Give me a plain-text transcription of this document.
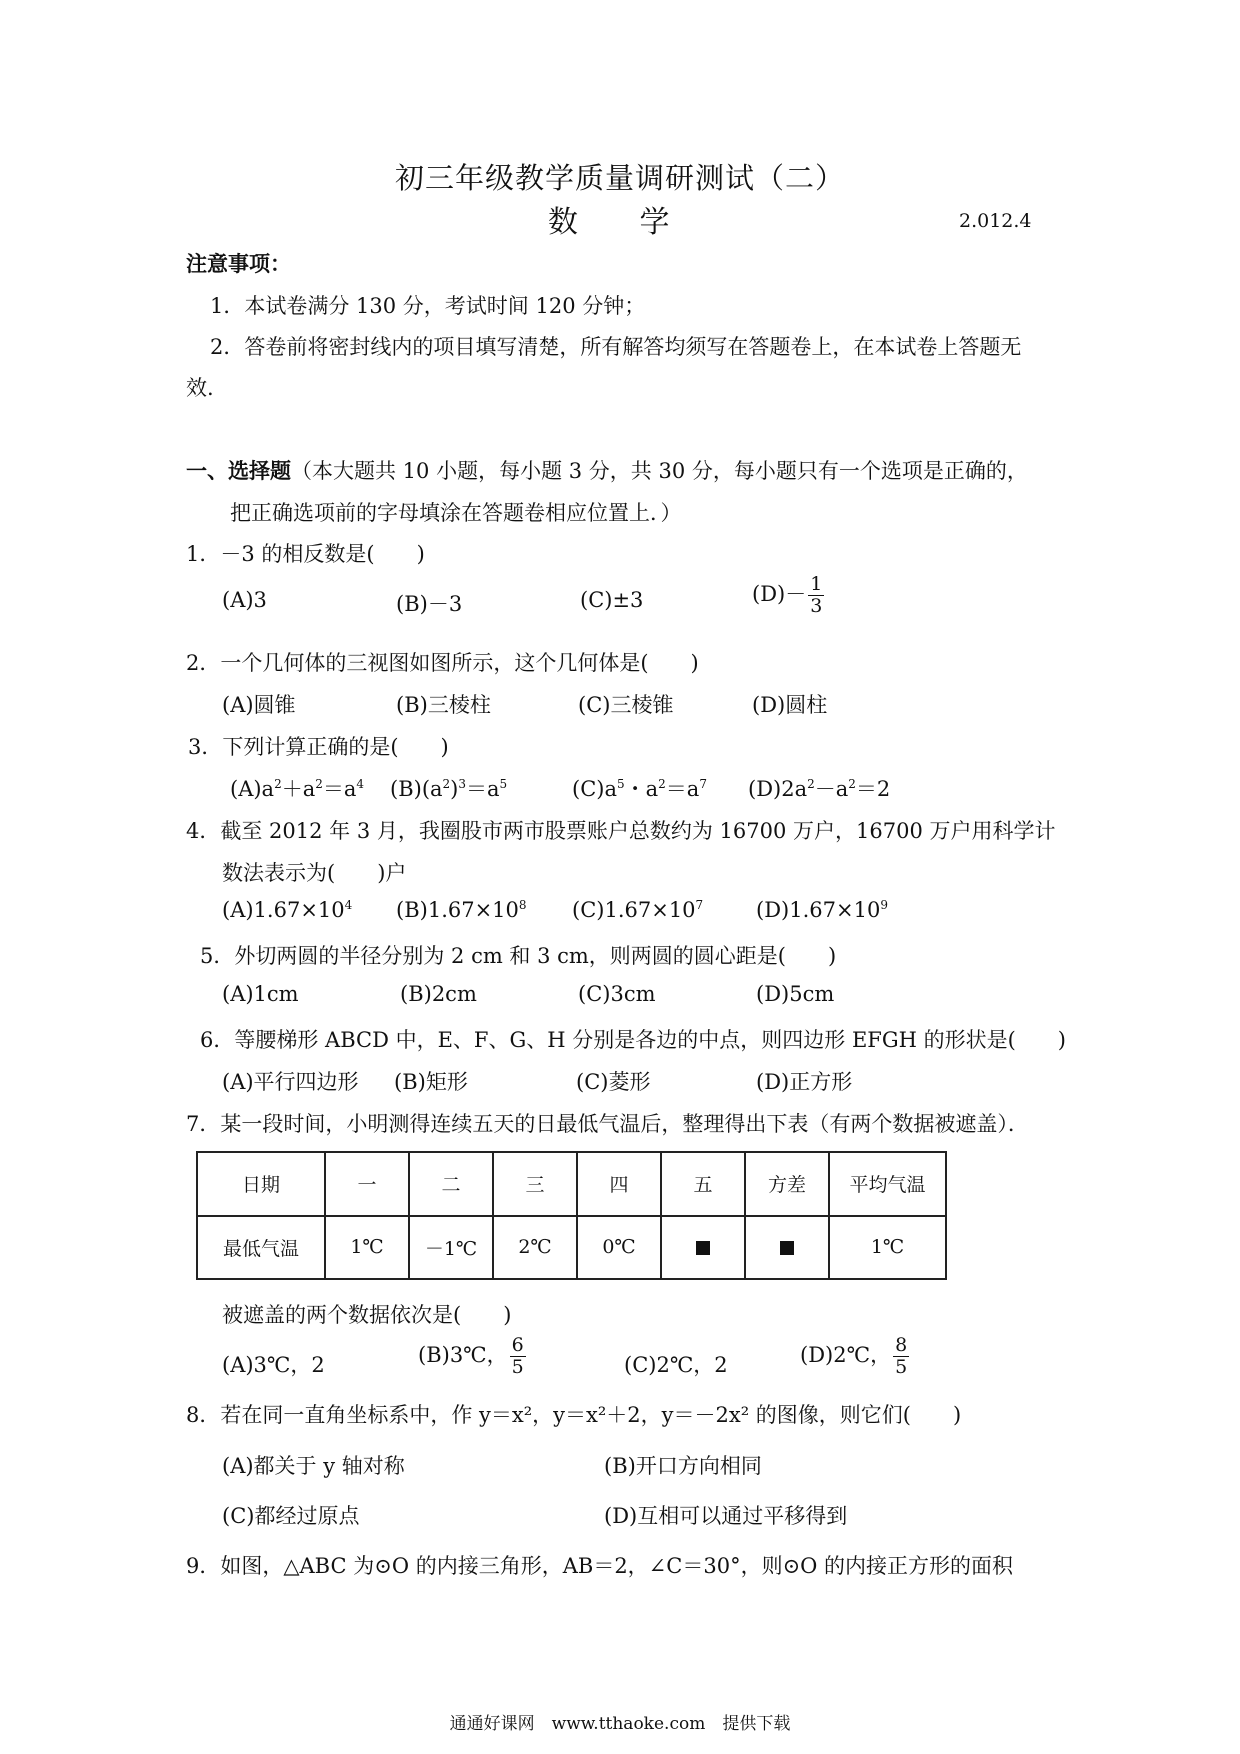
初三年级教学质量调研测试（二）
数 学	2.012.4
注意事项：
1．本试卷满分 130 分，考试时间 120 分钟；
2．答卷前将密封线内的项目填写清楚，所有解答均须写在答题卷上，在本试卷上答题无
效.
一、选择题（本大题共 10 小题，每小题 3 分，共 30 分，每小题只有一个选项是正确的，
把正确选项前的字母填涂在答题卷相应位置上．）
1．－3 的相反数是(　　)
(A)3	(B)－3	(C)±3	$(D)- \frac{1}{3}$
2．一个几何体的三视图如图所示，这个几何体是(　　)
(A)圆锥	(B)三棱柱	(C)三棱锥	(D)圆柱
3．下列计算正确的是(　　)
$(A)a^2+a^2=a^4$ $(B)(a^2)^3=a^5$	$(C)a^5$・$a^2=a^7$ $(D)2a^2-a^2=2$
4．截至 2012 年 3 月，我圈股市两市股票账户总数约为 16700 万户，16700 万户用科学计
数法表示为(　　)户
$(A)1.67\times 10^4$ $(B)1.67\times 10^8$ $(C)1.67\times 10^7$	$(D)1.67\times 10^9$
5．外切两圆的半径分别为 2 cm 和 3 cm，则两圆的圆心距是(　　)
(A)1cm	(B)2cm	(C)3cm	(D)5cm
6．等腰梯形 ABCD 中，E、F、G、H 分别是各边的中点，则四边形 EFGH 的形状是(　　)
(A)平行四边形 (B)矩形	(C)菱形	(D)正方形
7．某一段时间，小明测得连续五天的日最低气温后，整理得出下表（有两个数据被遮盖）．
日期	一	二	三	四	五	方差	平均气温
最低气温	1℃	－1℃	2℃	0℃			1℃
被遮盖的两个数据依次是(　　)
(A)3℃，2	(B)3℃， $\frac{6}{5}$	(C)2℃，2	(D)2℃， $\frac{8}{5}$
8．若在同一直角坐标系中，作 y＝x²，y＝x²＋2，y＝－2x² 的图像，则它们(　　)
(A)都关于 y 轴对称	(B)开口方向相同
(C)都经过原点	(D)互相可以通过平移得到
9．如图，△ABC 为⊙O 的内接三角形，AB＝2，∠C＝30°，则⊙O 的内接正方形的面积
通通好课网　www.tthaoke.com　提供下载
